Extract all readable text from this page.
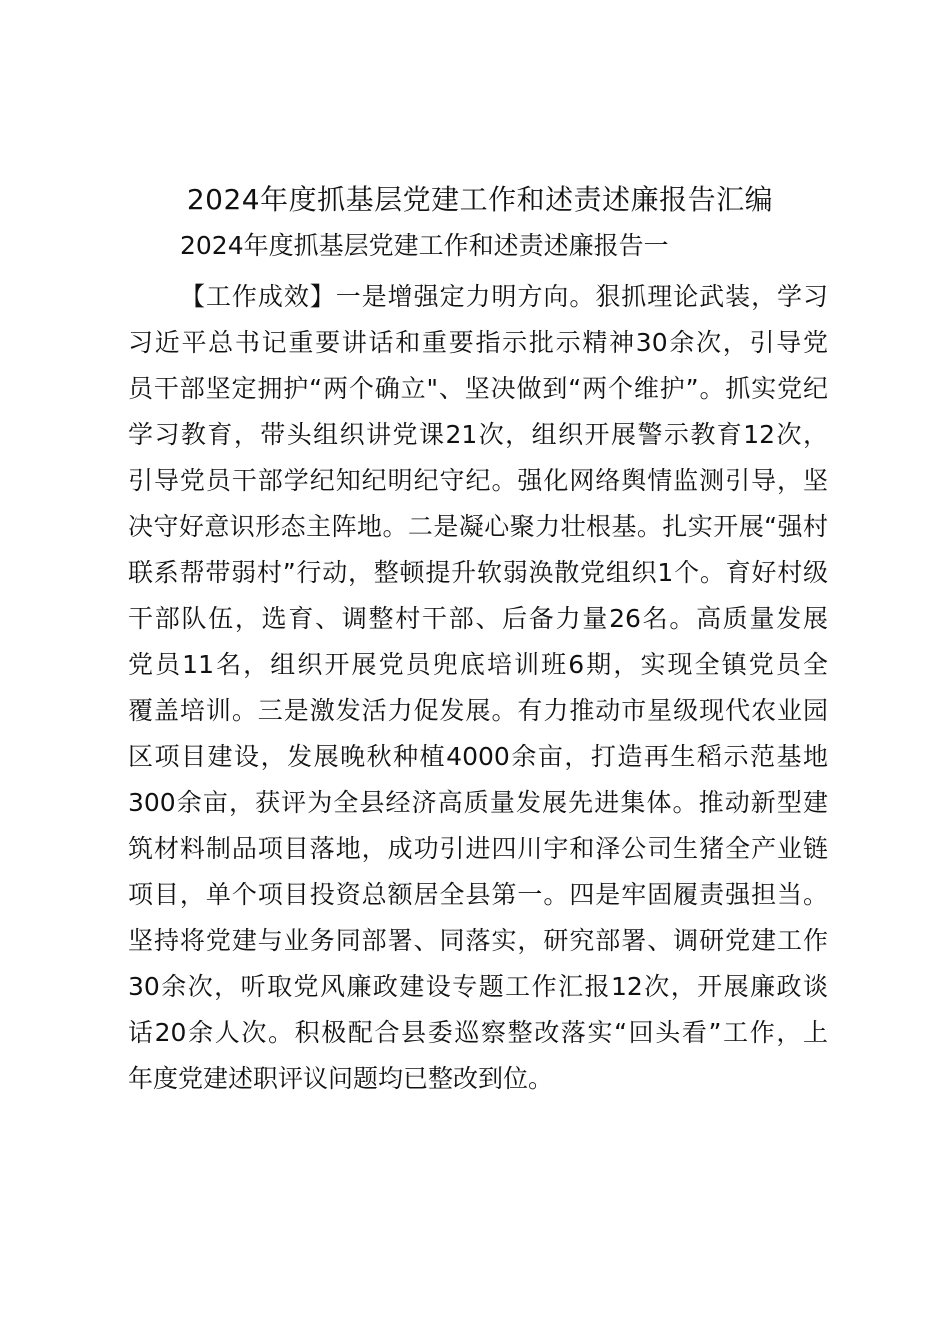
2024年度抓基层党建工作和述责述廉报告汇编
2024年度抓基层党建工作和述责述廉报告一
【工作成效】一是增强定力明方向。狠抓理论武装，学习
习近平总书记重要讲话和重要指示批示精神30余次，引导党
员干部坚定拥护“两个确立"、坚决做到“两个维护”。抓实党纪
学习教育，带头组织讲党课21次，组织开展警示教育12次，
引导党员干部学纪知纪明纪守纪。强化网络舆情监测引导，坚
决守好意识形态主阵地。二是凝心聚力壮根基。扎实开展“强村
联系帮带弱村”行动，整顿提升软弱涣散党组织1个。育好村级
干部队伍，选育、调整村干部、后备力量26名。高质量发展
党员11名，组织开展党员兜底培训班6期，实现全镇党员全
覆盖培训。三是激发活力促发展。有力推动市星级现代农业园
区项目建设，发展晚秋种植4000余亩，打造再生稻示范基地
300余亩，获评为全县经济高质量发展先进集体。推动新型建
筑材料制品项目落地，成功引进四川宇和泽公司生猪全产业链
项目，单个项目投资总额居全县第一。四是牢固履责强担当。
坚持将党建与业务同部署、同落实，研究部署、调研党建工作
30余次，听取党风廉政建设专题工作汇报12次，开展廉政谈
话20余人次。积极配合县委巡察整改落实“回头看”工作，上
年度党建述职评议问题均已整改到位。
